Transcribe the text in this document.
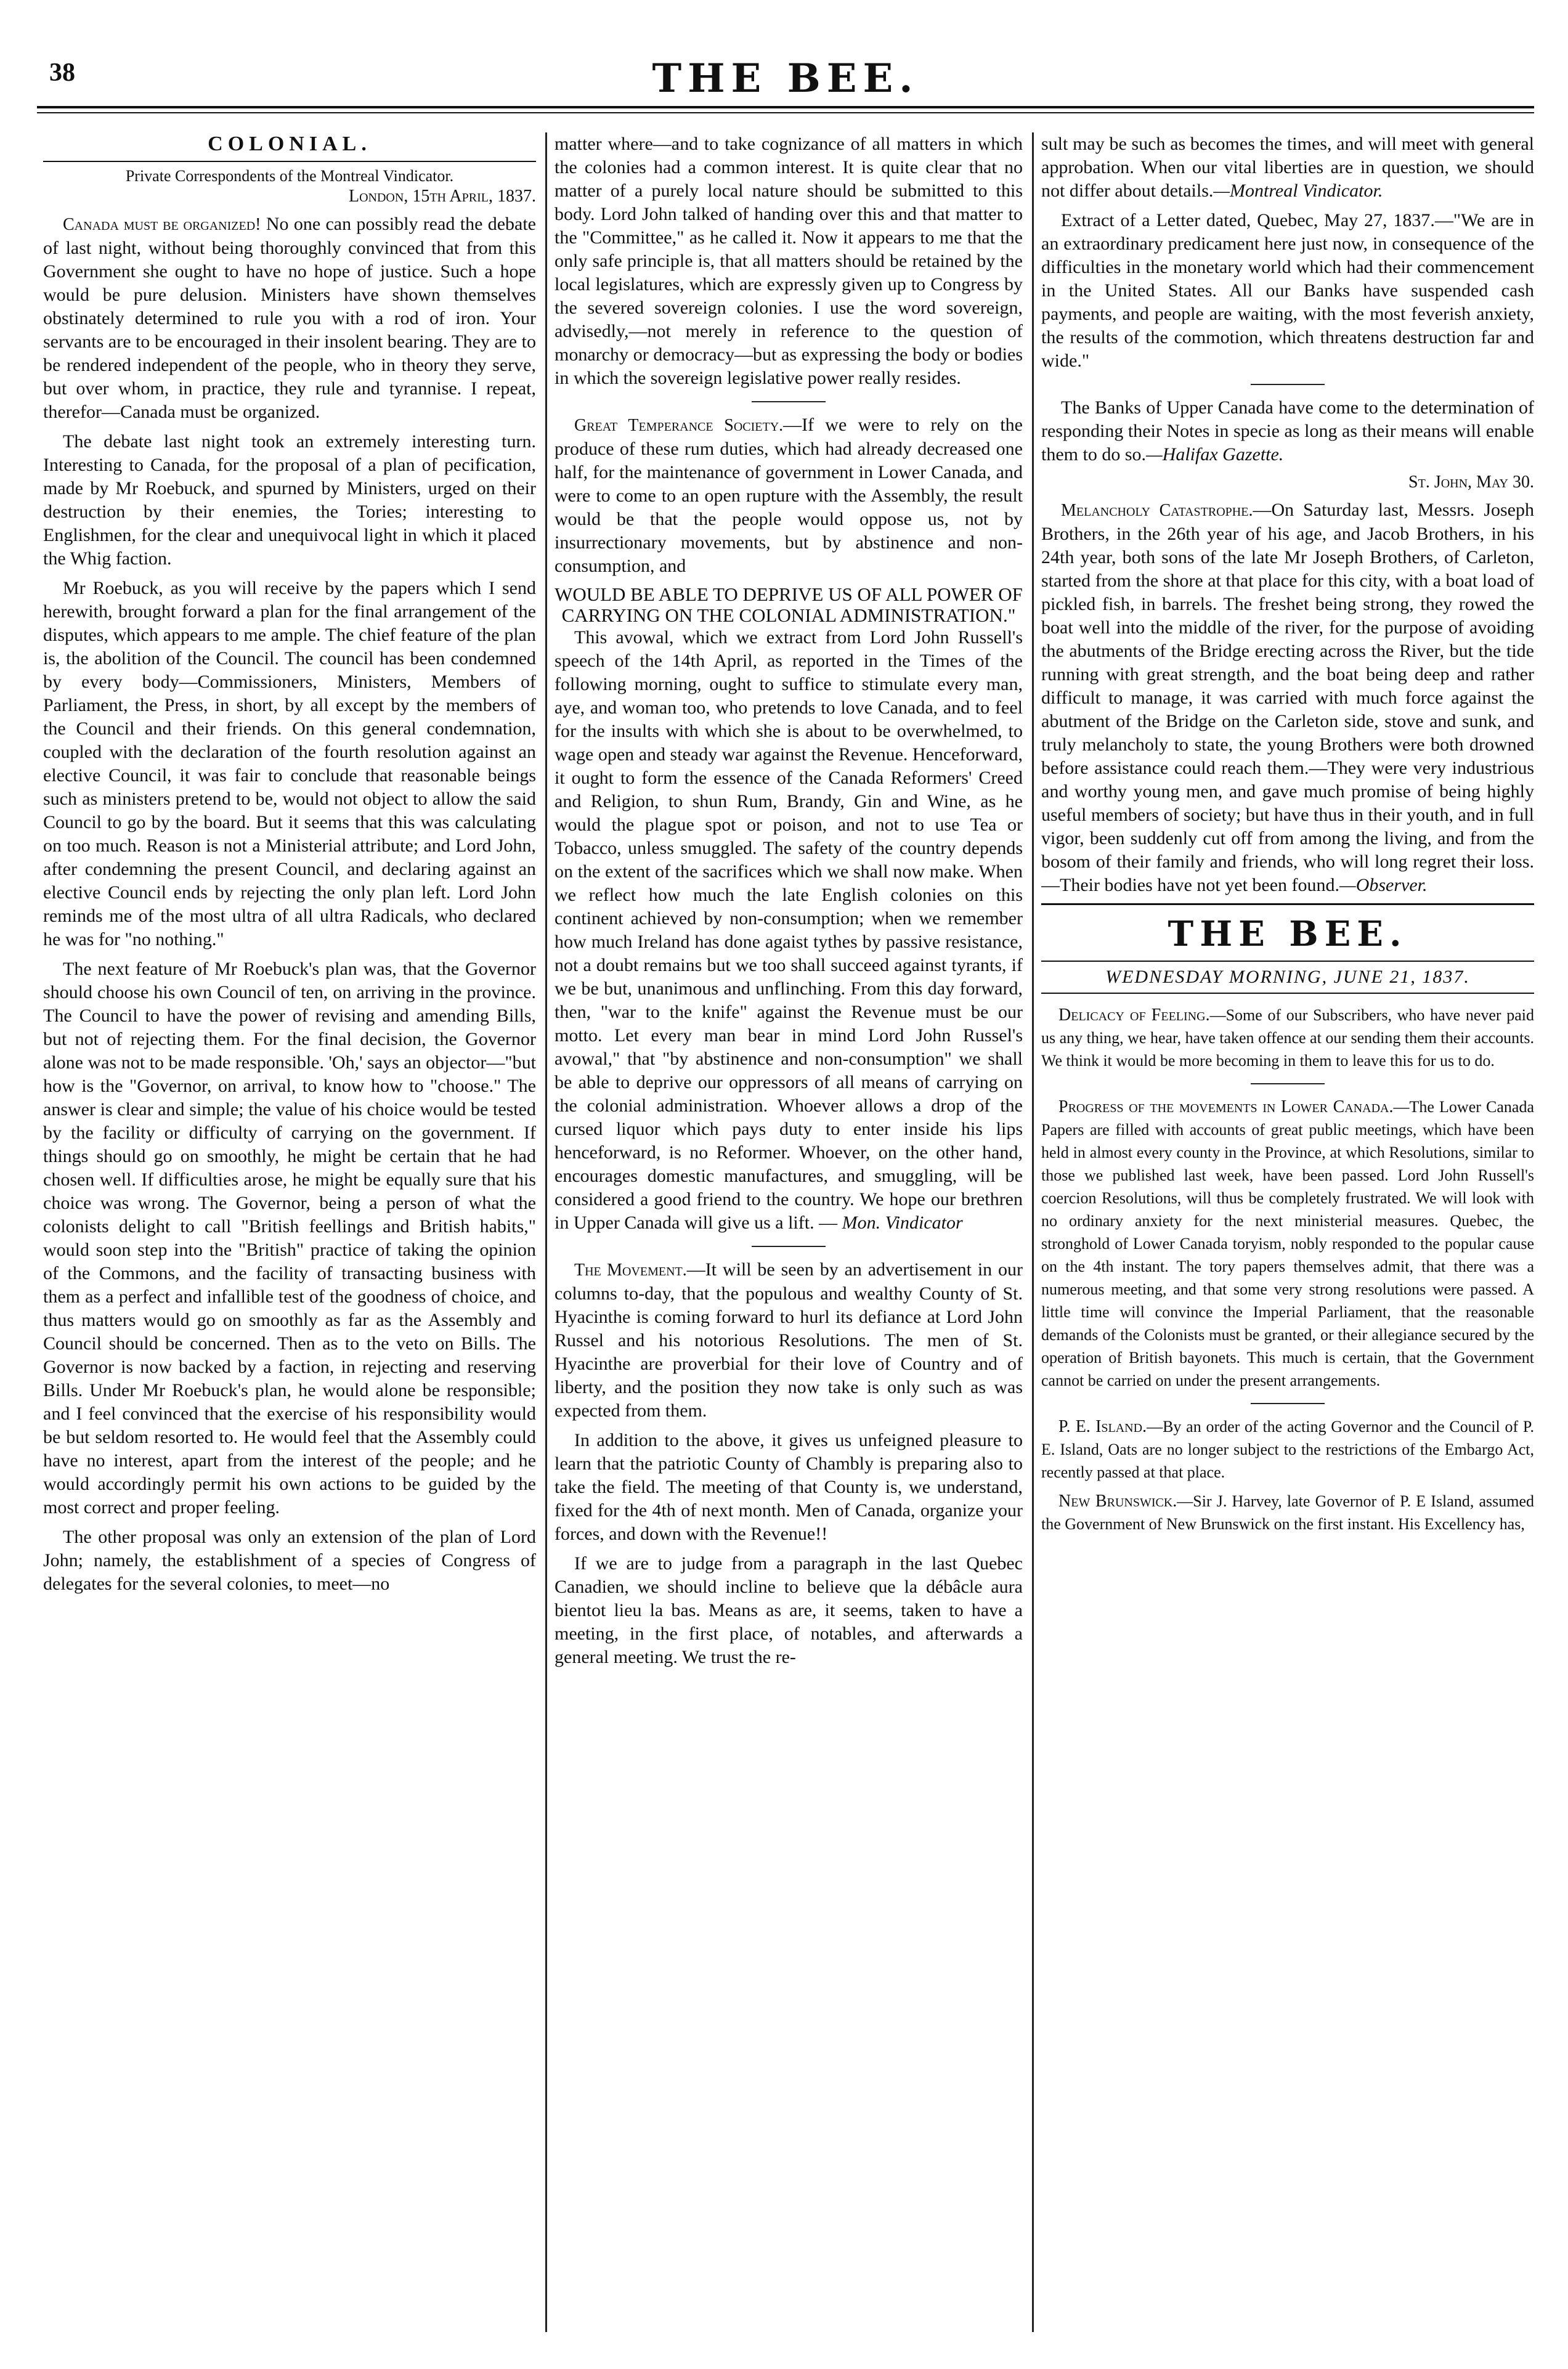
38	THE BEE.
COLONIAL.
Private Correspondents of the Montreal Vindicator.
London, 15th April, 1837.

Canada must be organized! No one can possibly read the debate of last night, without being thoroughly convinced that from this Government she ought to have no hope of justice. Such a hope would be pure delusion. Ministers have shown themselves obstinately determined to rule you with a rod of iron. Your servants are to be encouraged in their insolent bearing. They are to be rendered independent of the people, who in theory they serve, but over whom, in practice, they rule and tyrannise. I repeat, therefor—Canada must be organized.

The debate last night took an extremely interesting turn. Interesting to Canada, for the proposal of a plan of pecification, made by Mr Roebuck, and spurned by Ministers, urged on their destruction by their enemies, the Tories; interesting to Englishmen, for the clear and unequivocal light in which it placed the Whig faction.

Mr Roebuck, as you will receive by the papers which I send herewith, brought forward a plan for the final arrangement of the disputes, which appears to me ample. The chief feature of the plan is, the abolition of the Council. The council has been condemned by every body—Commissioners, Ministers, Members of Parliament, the Press, in short, by all except by the members of the Council and their friends. On this general condemnation, coupled with the declaration of the fourth resolution against an elective Council, it was fair to conclude that reasonable beings such as ministers pretend to be, would not object to allow the said Council to go by the board. But it seems that this was calculating on too much. Reason is not a Ministerial attribute; and Lord John, after condemning the present Council, and declaring against an elective Council ends by rejecting the only plan left. Lord John reminds me of the most ultra of all ultra Radicals, who declared he was for "no nothing."

The next feature of Mr Roebuck's plan was, that the Governor should choose his own Council of ten, on arriving in the province. The Council to have the power of revising and amending Bills, but not of rejecting them. For the final decision, the Governor alone was not to be made responsible. 'Oh,' says an objector—"but how is the "Governor, on arrival, to know how to "choose." The answer is clear and simple; the value of his choice would be tested by the facility or difficulty of carrying on the government. If things should go on smoothly, he might be certain that he had chosen well. If difficulties arose, he might be equally sure that his choice was wrong. The Governor, being a person of what the colonists delight to call "British feellings and British habits," would soon step into the "British" practice of taking the opinion of the Commons, and the facility of transacting business with them as a perfect and infallible test of the goodness of choice, and thus matters would go on smoothly as far as the Assembly and Council should be concerned. Then as to the veto on Bills. The Governor is now backed by a faction, in rejecting and reserving Bills. Under Mr Roebuck's plan, he would alone be responsible; and I feel convinced that the exercise of his responsibility would be but seldom resorted to. He would feel that the Assembly could have no interest, apart from the interest of the people; and he would accordingly permit his own actions to be guided by the most correct and proper feeling.

The other proposal was only an extension of the plan of Lord John; namely, the establishment of a species of Congress of delegates for the several colonies, to meet—no

matter where—and to take cognizance of all matters in which the colonies had a common interest. It is quite clear that no matter of a purely local nature should be submitted to this body. Lord John talked of handing over this and that matter to the "Committee," as he called it. Now it appears to me that the only safe principle is, that all matters should be retained by the local legislatures, which are expressly given up to Congress by the severed sovereign colonies. I use the word sovereign, advisedly,—not merely in reference to the question of monarchy or democracy—but as expressing the body or bodies in which the sovereign legislative power really resides.

Great Temperance Society.—If we were to rely on the produce of these rum duties, which had already decreased one half, for the maintenance of government in Lower Canada, and were to come to an open rupture with the Assembly, the result would be that the people would oppose us, not by insurrectionary movements, but by abstinence and non-consumption, and

WOULD BE ABLE TO DEPRIVE US OF ALL POWER OF CARRYING ON THE COLONIAL ADMINISTRATION."

This avowal, which we extract from Lord John Russell's speech of the 14th April, as reported in the Times of the following morning, ought to suffice to stimulate every man, aye, and woman too, who pretends to love Canada, and to feel for the insults with which she is about to be overwhelmed, to wage open and steady war against the Revenue. Henceforward, it ought to form the essence of the Canada Reformers' Creed and Religion, to shun Rum, Brandy, Gin and Wine, as he would the plague spot or poison, and not to use Tea or Tobacco, unless smuggled. The safety of the country depends on the extent of the sacrifices which we shall now make. When we reflect how much the late English colonies on this continent achieved by non-consumption; when we remember how much Ireland has done agaist tythes by passive resistance, not a doubt remains but we too shall succeed against tyrants, if we be but, unanimous and unflinching. From this day forward, then, "war to the knife" against the Revenue must be our motto. Let every man bear in mind Lord John Russel's avowal," that "by abstinence and non-consumption" we shall be able to deprive our oppressors of all means of carrying on the colonial administration. Whoever allows a drop of the cursed liquor which pays duty to enter inside his lips henceforward, is no Reformer. Whoever, on the other hand, encourages domestic manufactures, and smuggling, will be considered a good friend to the country. We hope our brethren in Upper Canada will give us a lift. — Mon. Vindicator

The Movement.—It will be seen by an advertisement in our columns to-day, that the populous and wealthy County of St. Hyacinthe is coming forward to hurl its defiance at Lord John Russel and his notorious Resolutions. The men of St. Hyacinthe are proverbial for their love of Country and of liberty, and the position they now take is only such as was expected from them.

In addition to the above, it gives us unfeigned pleasure to learn that the patriotic County of Chambly is preparing also to take the field. The meeting of that County is, we understand, fixed for the 4th of next month. Men of Canada, organize your forces, and down with the Revenue!!

If we are to judge from a paragraph in the last Quebec Canadien, we should incline to believe que la débâcle aura bientot lieu la bas. Means as are, it seems, taken to have a meeting, in the first place, of notables, and afterwards a general meeting. We trust the re-

sult may be such as becomes the times, and will meet with general approbation. When our vital liberties are in question, we should not differ about details.—Montreal Vindicator.

Extract of a Letter dated, Quebec, May 27, 1837.—"We are in an extraordinary predicament here just now, in consequence of the difficulties in the monetary world which had their commencement in the United States. All our Banks have suspended cash payments, and people are waiting, with the most feverish anxiety, the results of the commotion, which threatens destruction far and wide."

The Banks of Upper Canada have come to the determination of responding their Notes in specie as long as their means will enable them to do so.—Halifax Gazette.

St. John, May 30.

Melancholy Catastrophe.—On Saturday last, Messrs. Joseph Brothers, in the 26th year of his age, and Jacob Brothers, in his 24th year, both sons of the late Mr Joseph Brothers, of Carleton, started from the shore at that place for this city, with a boat load of pickled fish, in barrels. The freshet being strong, they rowed the boat well into the middle of the river, for the purpose of avoiding the abutments of the Bridge erecting across the River, but the tide running with great strength, and the boat being deep and rather difficult to manage, it was carried with much force against the abutment of the Bridge on the Carleton side, stove and sunk, and truly melancholy to state, the young Brothers were both drowned before assistance could reach them.—They were very industrious and worthy young men, and gave much promise of being highly useful members of society; but have thus in their youth, and in full vigor, been suddenly cut off from among the living, and from the bosom of their family and friends, who will long regret their loss.—Their bodies have not yet been found.—Observer.

THE BEE.
WEDNESDAY MORNING, JUNE 21, 1837.

Delicacy of Feeling.—Some of our Subscribers, who have never paid us any thing, we hear, have taken offence at our sending them their accounts. We think it would be more becoming in them to leave this for us to do.

Progress of the movements in Lower Canada.—The Lower Canada Papers are filled with accounts of great public meetings, which have been held in almost every county in the Province, at which Resolutions, similar to those we published last week, have been passed. Lord John Russell's coercion Resolutions, will thus be completely frustrated. We will look with no ordinary anxiety for the next ministerial measures. Quebec, the stronghold of Lower Canada toryism, nobly responded to the popular cause on the 4th instant. The tory papers themselves admit, that there was a numerous meeting, and that some very strong resolutions were passed. A little time will convince the Imperial Parliament, that the reasonable demands of the Colonists must be granted, or their allegiance secured by the operation of British bayonets. This much is certain, that the Government cannot be carried on under the present arrangements.

P. E. Island.—By an order of the acting Governor and the Council of P. E. Island, Oats are no longer subject to the restrictions of the Embargo Act, recently passed at that place.

New Brunswick.—Sir J. Harvey, late Governor of P. E Island, assumed the Government of New Brunswick on the first instant. His Excellency has,
